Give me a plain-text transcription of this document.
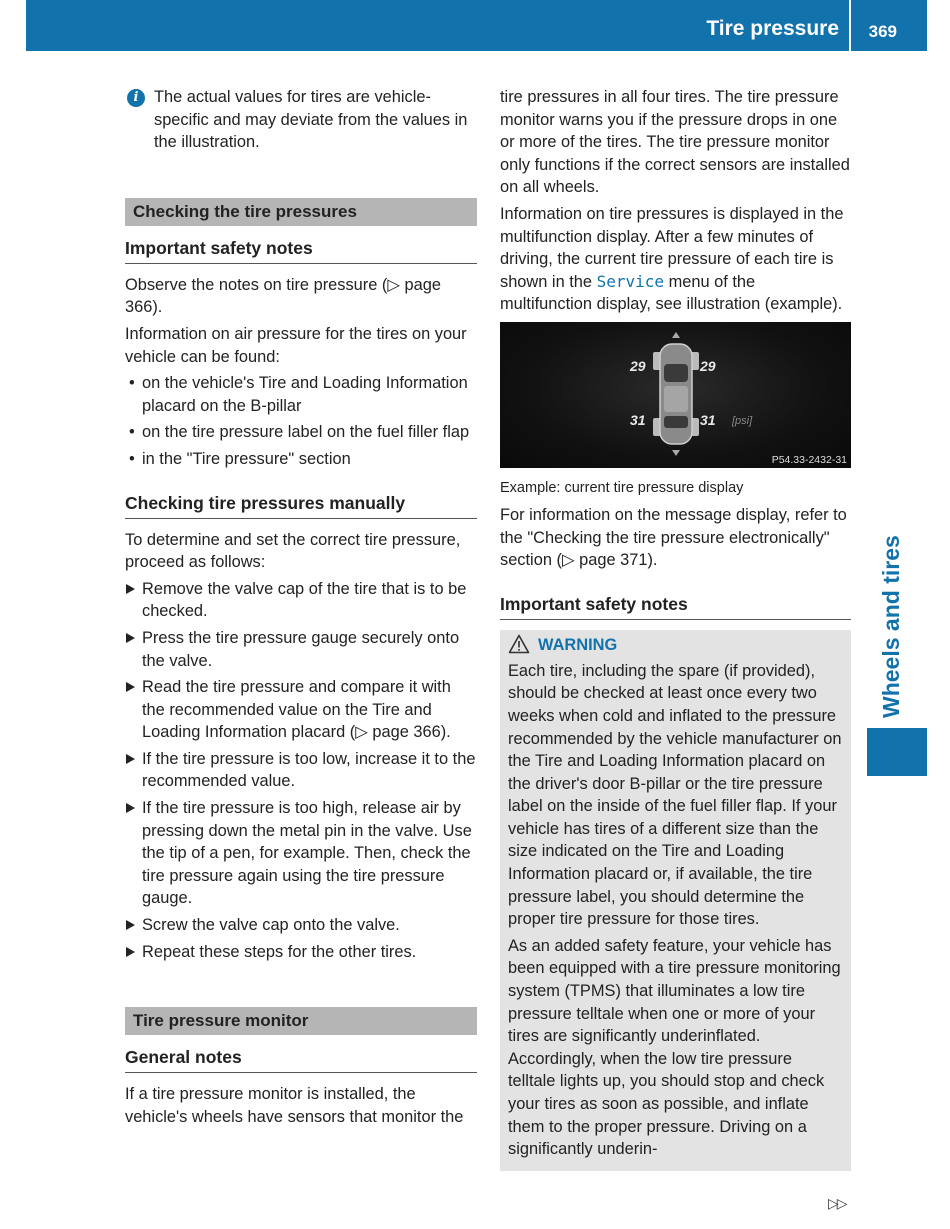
Tire pressure 369
Wheels and tires
i The actual values for tires are vehicle-specific and may deviate from the values in the illustration.

Checking the tire pressures
Important safety notes

Observe the notes on tire pressure (▷ page 366).

Information on air pressure for the tires on your vehicle can be found:

• on the vehicle's Tire and Loading Information placard on the B-pillar
• on the tire pressure label on the fuel filler flap
• in the "Tire pressure" section
Checking tire pressures manually

To determine and set the correct tire pressure, proceed as follows:

Remove the valve cap of the tire that is to be checked.
Press the tire pressure gauge securely onto the valve.
Read the tire pressure and compare it with the recommended value on the Tire and Loading Information placard (▷ page 366).
If the tire pressure is too low, increase it to the recommended value.
If the tire pressure is too high, release air by pressing down the metal pin in the valve. Use the tip of a pen, for example. Then, check the tire pressure again using the tire pressure gauge.
Screw the valve cap onto the valve.
Repeat these steps for the other tires.
Tire pressure monitor
General notes

If a tire pressure monitor is installed, the vehicle's wheels have sensors that monitor the

tire pressures in all four tires. The tire pressure monitor warns you if the pressure drops in one or more of the tires. The tire pressure monitor only functions if the correct sensors are installed on all wheels.

Information on tire pressures is displayed in the multifunction display. After a few minutes of driving, the current tire pressure of each tire is shown in the Service menu of the multifunction display, see illustration (example).

29	29
31	31 [psi]
P54.33-2432-31

Example: current tire pressure display

For information on the message display, refer to the "Checking the tire pressure electronically" section (▷ page 371).

Important safety notes
WARNING

Each tire, including the spare (if provided), should be checked at least once every two weeks when cold and inflated to the pressure recommended by the vehicle manufacturer on the Tire and Loading Information placard on the driver's door B-pillar or the tire pressure label on the inside of the fuel filler flap. If your vehicle has tires of a different size than the size indicated on the Tire and Loading Information placard or, if available, the tire pressure label, you should determine the proper tire pressure for those tires.

As an added safety feature, your vehicle has been equipped with a tire pressure monitoring system (TPMS) that illuminates a low tire pressure telltale when one or more of your tires are significantly underinflated. Accordingly, when the low tire pressure telltale lights up, you should stop and check your tires as soon as possible, and inflate them to the proper pressure. Driving on a significantly underin-

▷▷
